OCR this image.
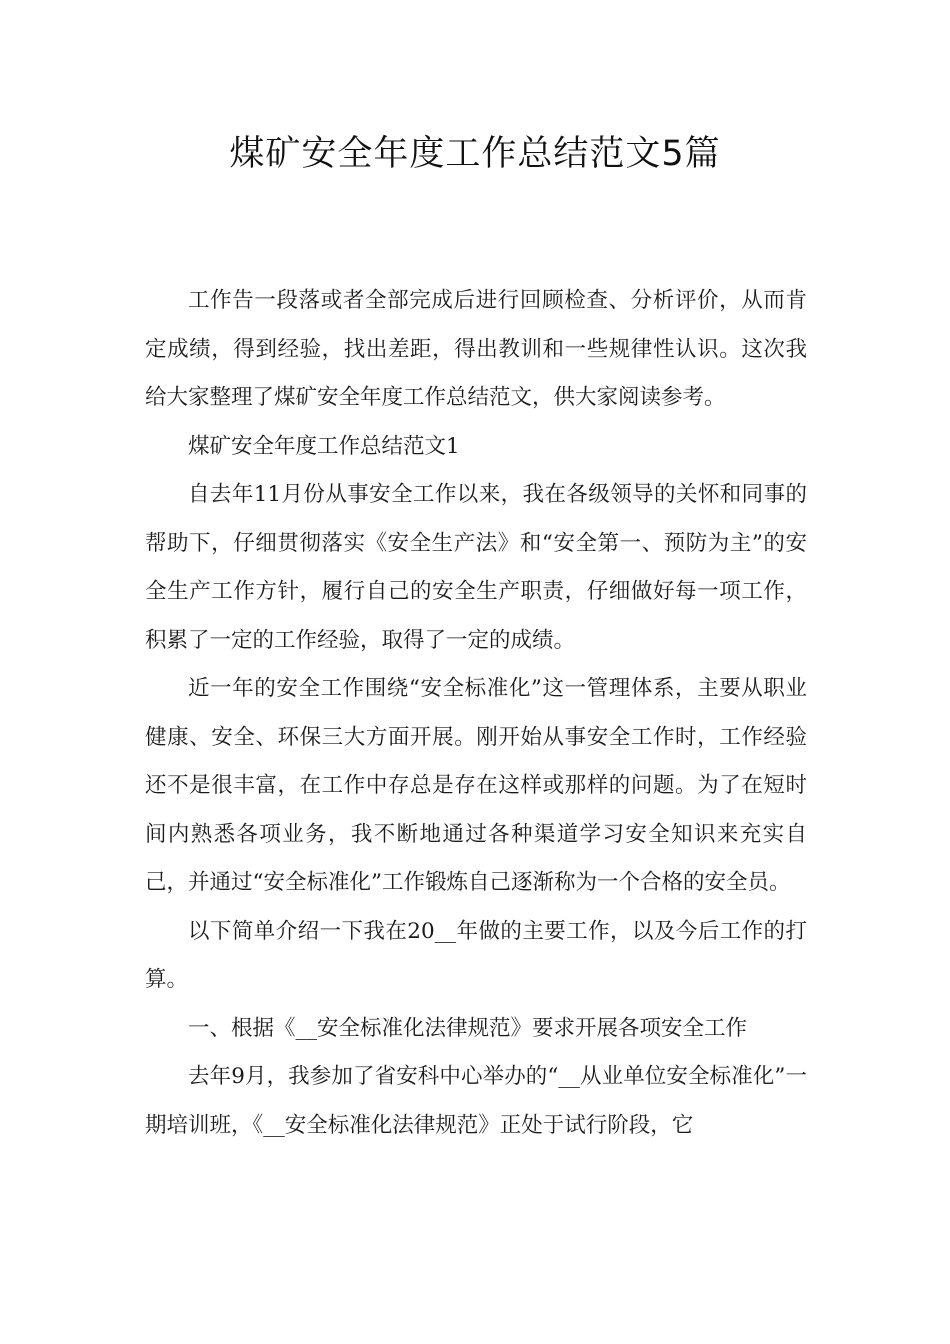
煤矿安全年度工作总结范文5篇

工作告一段落或者全部完成后进行回顾检查、分析评价，从而肯定成绩，得到经验，找出差距，得出教训和一些规律性认识。这次我给大家整理了煤矿安全年度工作总结范文，供大家阅读参考。

煤矿安全年度工作总结范文1

自去年11月份从事安全工作以来，我在各级领导的关怀和同事的帮助下，仔细贯彻落实《安全生产法》和“安全第一、预防为主”的安全生产工作方针，履行自己的安全生产职责，仔细做好每一项工作，积累了一定的工作经验，取得了一定的成绩。

近一年的安全工作围绕“安全标准化”这一管理体系，主要从职业健康、安全、环保三大方面开展。刚开始从事安全工作时，工作经验还不是很丰富，在工作中存总是存在这样或那样的问题。为了在短时间内熟悉各项业务，我不断地通过各种渠道学习安全知识来充实自己，并通过“安全标准化”工作锻炼自己逐渐称为一个合格的安全员。

以下简单介绍一下我在20__年做的主要工作，以及今后工作的打算。

一、根据《__安全标准化法律规范》要求开展各项安全工作

去年9月，我参加了省安科中心举办的“__从业单位安全标准化”一期培训班，《__安全标准化法律规范》正处于试行阶段，它
